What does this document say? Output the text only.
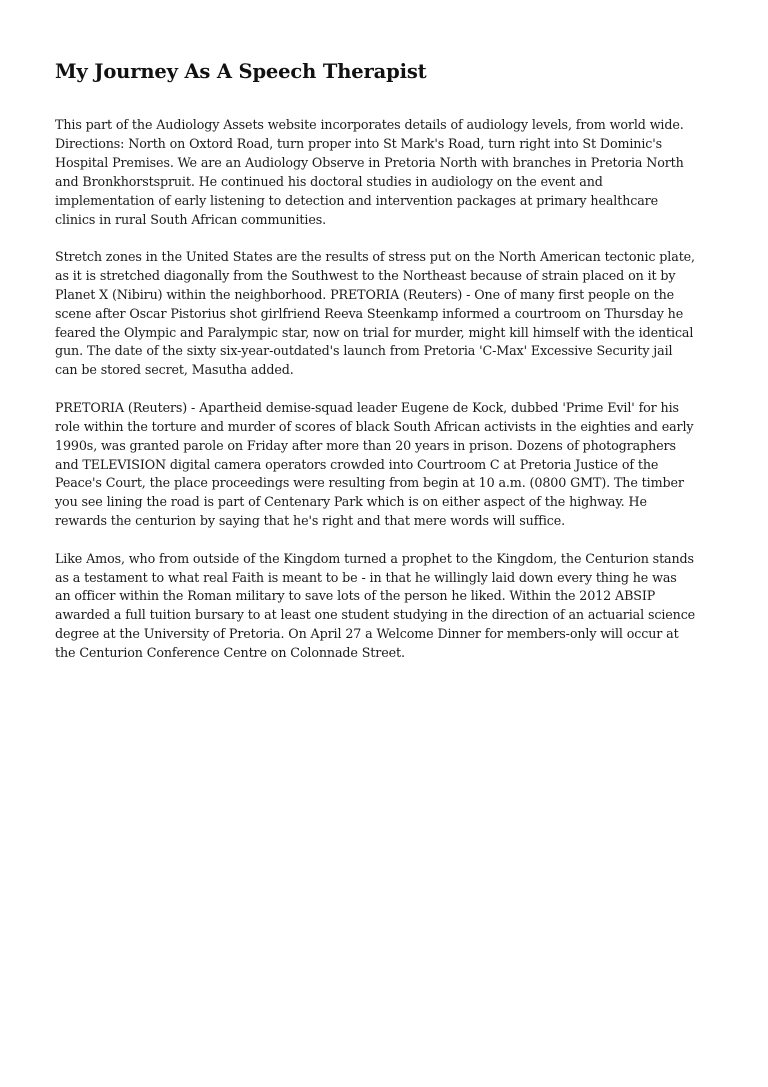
My Journey As A Speech Therapist

This part of the Audiology Assets website incorporates details of audiology levels, from world wide.
Directions: North on Oxtord Road, turn proper into St Mark's Road, turn right into St Dominic's
Hospital Premises. We are an Audiology Observe in Pretoria North with branches in Pretoria North
and Bronkhorstspruit. He continued his doctoral studies in audiology on the event and
implementation of early listening to detection and intervention packages at primary healthcare
clinics in rural South African communities.

Stretch zones in the United States are the results of stress put on the North American tectonic plate,
as it is stretched diagonally from the Southwest to the Northeast because of strain placed on it by
Planet X (Nibiru) within the neighborhood. PRETORIA (Reuters) - One of many first people on the
scene after Oscar Pistorius shot girlfriend Reeva Steenkamp informed a courtroom on Thursday he
feared the Olympic and Paralympic star, now on trial for murder, might kill himself with the identical
gun. The date of the sixty six-year-outdated's launch from Pretoria 'C-Max' Excessive Security jail
can be stored secret, Masutha added.

PRETORIA (Reuters) - Apartheid demise-squad leader Eugene de Kock, dubbed 'Prime Evil' for his
role within the torture and murder of scores of black South African activists in the eighties and early
1990s, was granted parole on Friday after more than 20 years in prison. Dozens of photographers
and TELEVISION digital camera operators crowded into Courtroom C at Pretoria Justice of the
Peace's Court, the place proceedings were resulting from begin at 10 a.m. (0800 GMT). The timber
you see lining the road is part of Centenary Park which is on either aspect of the highway. He
rewards the centurion by saying that he's right and that mere words will suffice.

Like Amos, who from outside of the Kingdom turned a prophet to the Kingdom, the Centurion stands
as a testament to what real Faith is meant to be - in that he willingly laid down every thing he was
an officer within the Roman military to save lots of the person he liked. Within the 2012 ABSIP
awarded a full tuition bursary to at least one student studying in the direction of an actuarial science
degree at the University of Pretoria. On April 27 a Welcome Dinner for members-only will occur at
the Centurion Conference Centre on Colonnade Street.
